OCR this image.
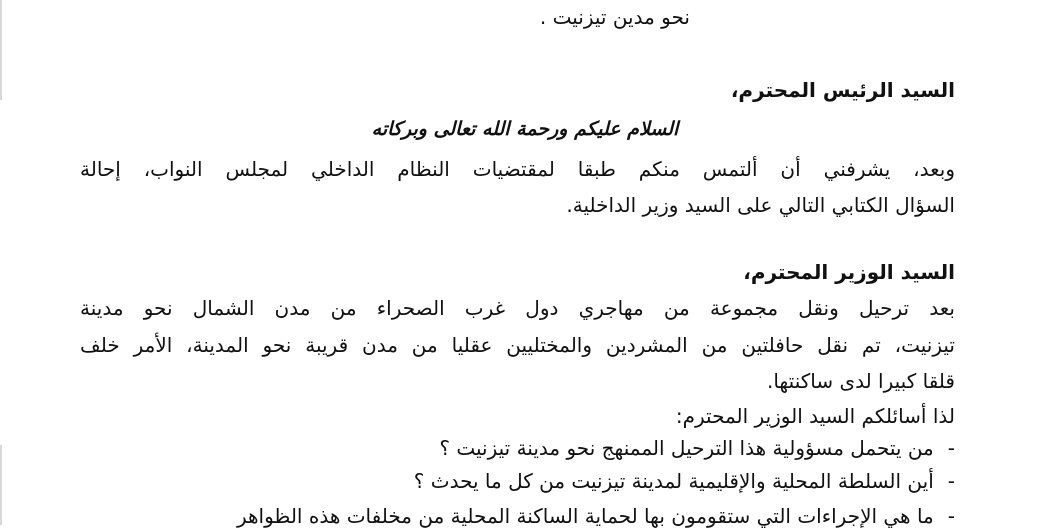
نحو مدين تيزنيت .
السيد الرئيس المحترم،
السلام عليكم ورحمة الله تعالى وبركاته
وبعد، يشرفني أن ألتمس منكم طبقا لمقتضيات النظام الداخلي لمجلس النواب، إحالة
السؤال الكتابي التالي على السيد وزير الداخلية.
السيد الوزير المحترم،
بعد ترحيل ونقل مجموعة من مهاجري دول غرب الصحراء من مدن الشمال نحو مدينة
تيزنيت، تم نقل حافلتين من المشردين والمختليين عقليا من مدن قريبة نحو المدينة، الأمر خلف
قلقا كبيرا لدى ساكنتها.
لذا أسائلكم السيد الوزير المحترم:
-
من يتحمل مسؤولية هذا الترحيل الممنهج نحو مدينة تيزنيت ؟
-
أين السلطة المحلية والإقليمية لمدينة تيزنيت من كل ما يحدث ؟
-
ما هي الإجراءات التي ستقومون بها لحماية الساكنة المحلية من مخلفات هذه الظواهر
